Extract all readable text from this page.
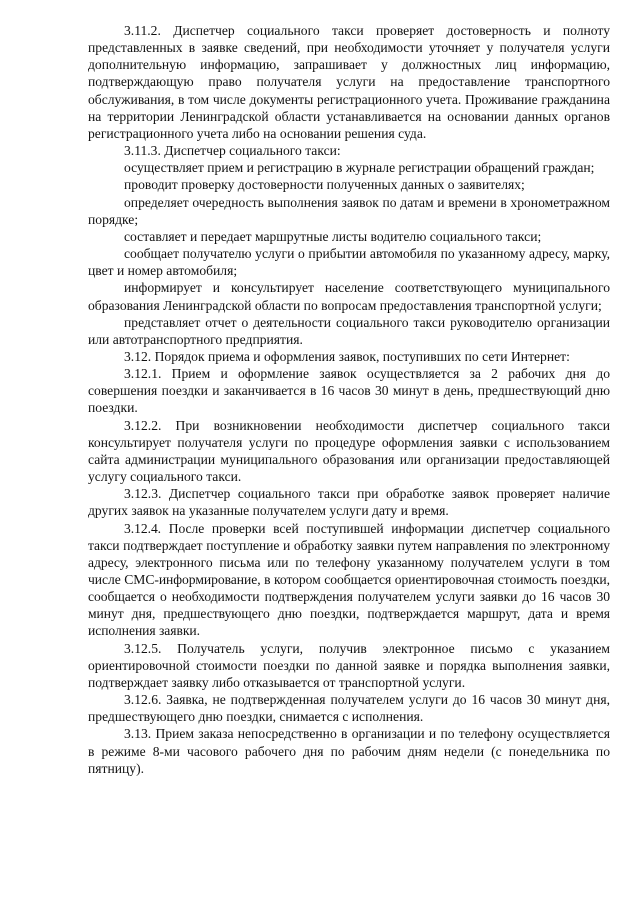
3.11.2. Диспетчер социального такси проверяет достоверность и полноту представленных в заявке сведений, при необходимости уточняет у получателя услуги дополнительную информацию, запрашивает у должностных лиц информацию, подтверждающую право получателя услуги на предоставление транспортного обслуживания, в том числе документы регистрационного учета. Проживание гражданина на территории Ленинградской области устанавливается на основании данных органов регистрационного учета либо на основании решения суда.

3.11.3. Диспетчер социального такси:

осуществляет прием и регистрацию в журнале регистрации обращений граждан;

проводит проверку достоверности полученных данных о заявителях;

определяет очередность выполнения заявок по датам и времени в хронометражном порядке;

составляет и передает маршрутные листы водителю социального такси;

сообщает получателю услуги о прибытии автомобиля по указанному адресу, марку, цвет и номер автомобиля;

информирует и консультирует население соответствующего муниципального образования Ленинградской области по вопросам предоставления транспортной услуги;

представляет отчет о деятельности социального такси руководителю организации или автотранспортного предприятия.

3.12. Порядок приема и оформления заявок, поступивших по сети Интернет:

3.12.1. Прием и оформление заявок осуществляется за 2 рабочих дня до совершения поездки и заканчивается в 16 часов 30 минут в день, предшествующий дню поездки.

3.12.2. При возникновении необходимости диспетчер социального такси консультирует получателя услуги по процедуре оформления заявки с использованием сайта администрации муниципального образования или организации предоставляющей услугу социального такси.

3.12.3. Диспетчер социального такси при обработке заявок проверяет наличие других заявок на указанные получателем услуги дату и время.

3.12.4. После проверки всей поступившей информации диспетчер социального такси подтверждает поступление и обработку заявки путем направления по электронному адресу, электронного письма или по телефону указанному получателем услуги в том числе СМС-информирование, в котором сообщается ориентировочная стоимость поездки, сообщается о необходимости подтверждения получателем услуги заявки до 16 часов 30 минут дня, предшествующего дню поездки, подтверждается маршрут, дата и время исполнения заявки.

3.12.5. Получатель услуги, получив электронное письмо с указанием ориентировочной стоимости поездки по данной заявке и порядка выполнения заявки, подтверждает заявку либо отказывается от транспортной услуги.

3.12.6. Заявка, не подтвержденная получателем услуги до 16 часов 30 минут дня, предшествующего дню поездки, снимается с исполнения.

3.13. Прием заказа непосредственно в организации и по телефону осуществляется в режиме 8-ми часового рабочего дня по рабочим дням недели (с понедельника по пятницу).
